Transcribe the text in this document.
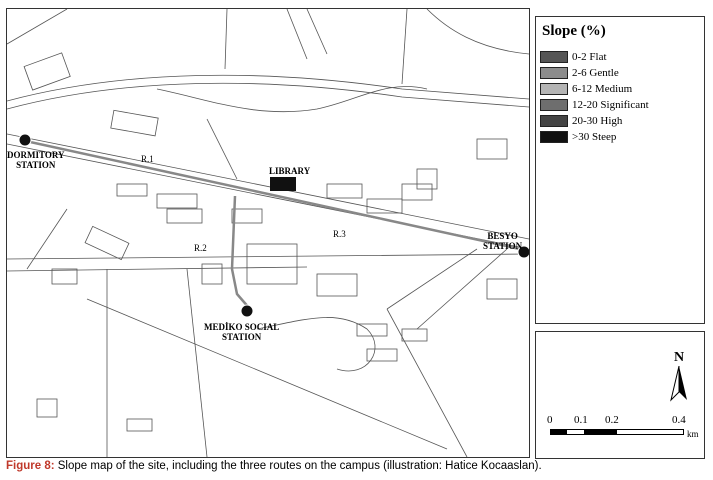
DORMITORY
STATION
BESYO
STATION
MEDİKO SOCIAL
STATION
LIBRARY
R.1
R.2
R.3
Slope (%)
0-2 Flat
2-6 Gentle
6-12 Medium
12-20 Significant
20-30 High
>30 Steep
N
0 0.1 0.2	0.4
km
Figure 8: Slope map of the site, including the three routes on the campus (illustration: Hatice Kocaaslan).
